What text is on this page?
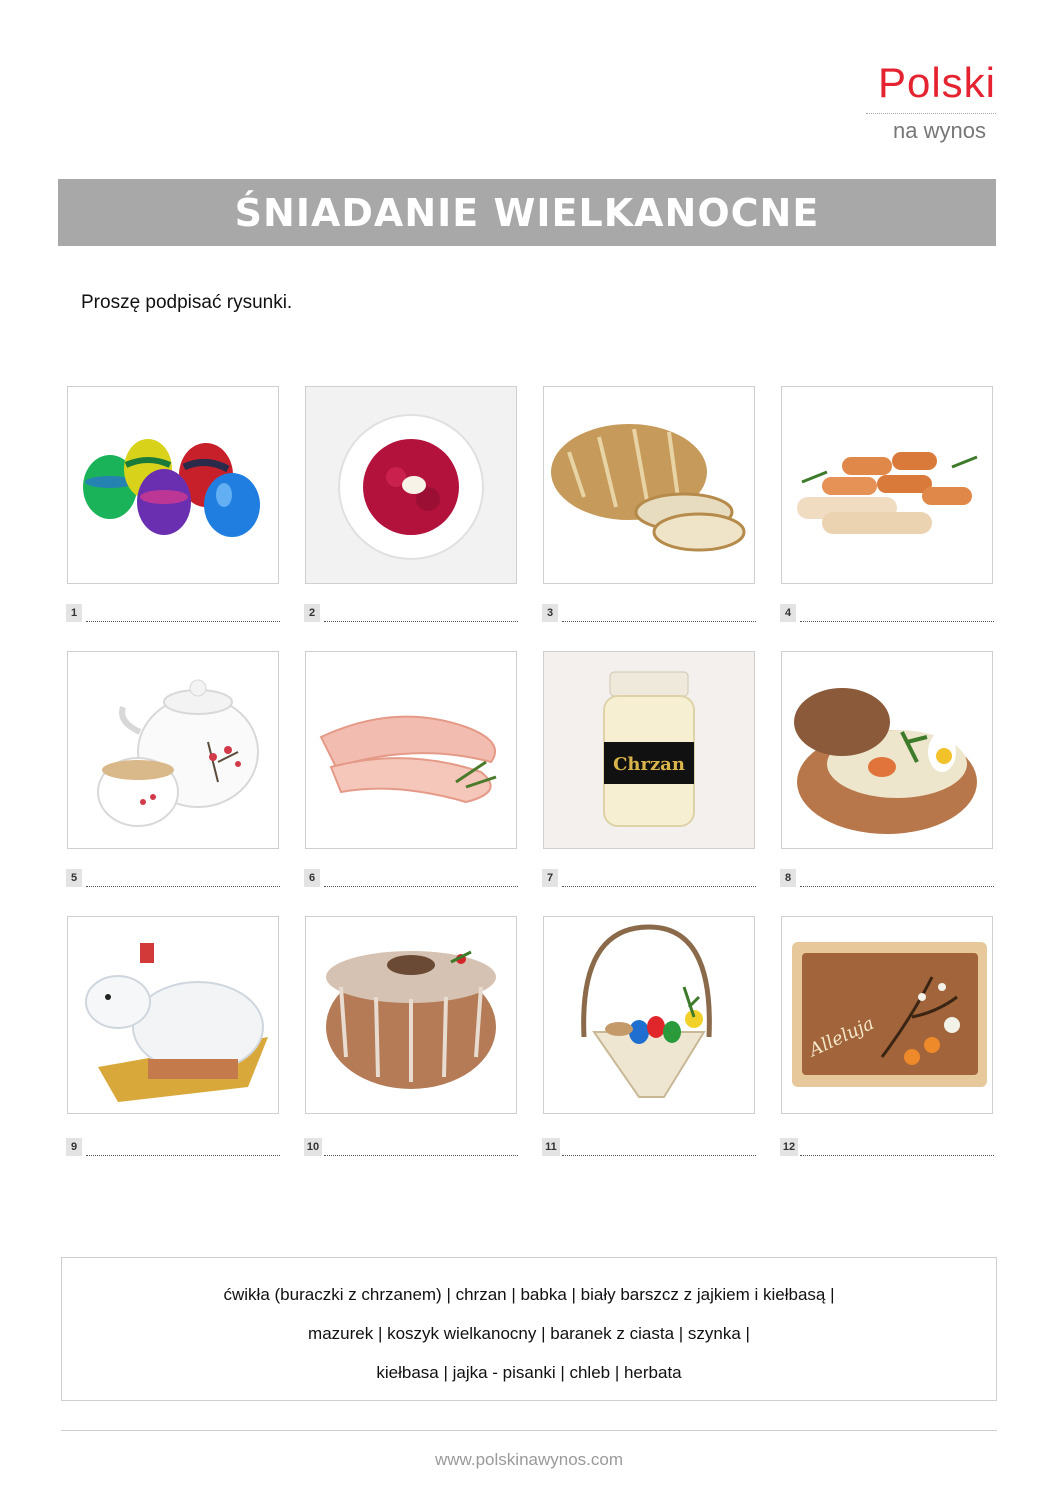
Polski
na wynos
ŚNIADANIE WIELKANOCNE
Proszę podpisać rysunki.
1	2	3	4
Chrzan
5	6	7	8
Alleluja
9	10	11	12
ćwikła (buraczki z chrzanem) | chrzan | babka | biały barszcz z jajkiem i kiełbasą |
mazurek | koszyk wielkanocny | baranek z ciasta | szynka |
kiełbasa | jajka - pisanki | chleb | herbata
www.polskinawynos.com
